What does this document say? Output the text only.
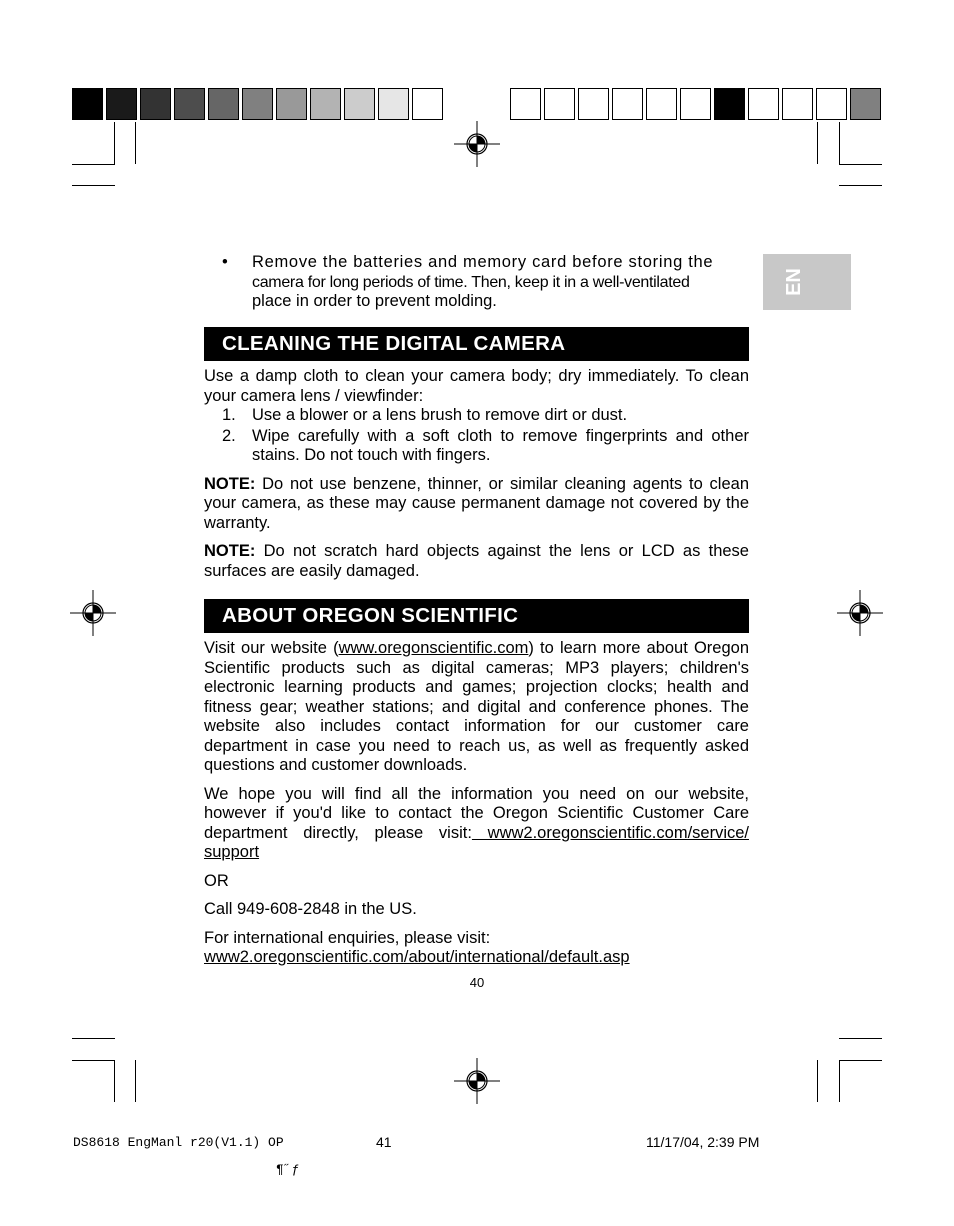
EN
•	Remove the batteries and memory card before storing the
camera for long periods of time. Then, keep it in a well-ventilated
place in order to prevent molding.
CLEANING THE DIGITAL CAMERA

Use a damp cloth to clean your camera body; dry immediately. To clean your camera lens / viewfinder:

1. Use a blower or a lens brush to remove dirt or dust.
2. Wipe carefully with a soft cloth to remove fingerprints and other stains. Do not touch with fingers.

NOTE: Do not use benzene, thinner, or similar cleaning agents to clean your camera, as these may cause permanent damage not covered by the warranty.

NOTE: Do not scratch hard objects against the lens or LCD as these surfaces are easily damaged.

ABOUT OREGON SCIENTIFIC

Visit our website (www.oregonscientific.com) to learn more about Oregon Scientific products such as digital cameras; MP3 players; children's electronic learning products and games; projection clocks; health and fitness gear; weather stations; and digital and conference phones. The website also includes contact information for our customer care department in case you need to reach us, as well as frequently asked questions and customer downloads.

We hope you will find all the information you need on our website, however if you'd like to contact the Oregon Scientific Customer Care department directly, please visit: www2.oregonscientific.com/service/ support

OR

Call 949-608-2848 in the US.

For international enquiries, please visit:

www2.oregonscientific.com/about/international/default.asp

40
DS8618 EngManl r20(V1.1) OP	41	11/17/04, 2:39 PM
¶˝ƒ
